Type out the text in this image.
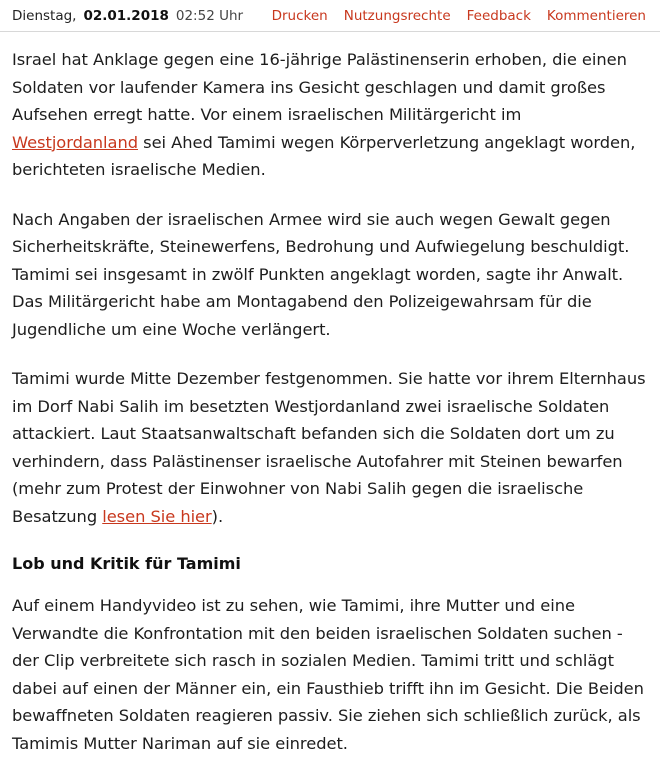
Dienstag, 02.01.2018 02:52 Uhr Drucken Nutzungsrechte Feedback Kommentieren

Israel hat Anklage gegen eine 16-jährige Palästinenserin erhoben, die einen Soldaten vor laufender Kamera ins Gesicht geschlagen und damit großes Aufsehen erregt hatte. Vor einem israelischen Militärgericht im Westjordanland sei Ahed Tamimi wegen Körperverletzung angeklagt worden, berichteten israelische Medien.

Nach Angaben der israelischen Armee wird sie auch wegen Gewalt gegen Sicherheitskräfte, Steinewerfens, Bedrohung und Aufwiegelung beschuldigt. Tamimi sei insgesamt in zwölf Punkten angeklagt worden, sagte ihr Anwalt. Das Militärgericht habe am Montagabend den Polizeigewahrsam für die Jugendliche um eine Woche verlängert.

Tamimi wurde Mitte Dezember festgenommen. Sie hatte vor ihrem Elternhaus im Dorf Nabi Salih im besetzten Westjordanland zwei israelische Soldaten attackiert. Laut Staatsanwaltschaft befanden sich die Soldaten dort um zu verhindern, dass Palästinenser israelische Autofahrer mit Steinen bewarfen (mehr zum Protest der Einwohner von Nabi Salih gegen die israelische Besatzung lesen Sie hier).

Lob und Kritik für Tamimi

Auf einem Handyvideo ist zu sehen, wie Tamimi, ihre Mutter und eine Verwandte die Konfrontation mit den beiden israelischen Soldaten suchen - der Clip verbreitete sich rasch in sozialen Medien. Tamimi tritt und schlägt dabei auf einen der Männer ein, ein Fausthieb trifft ihn im Gesicht. Die Beiden bewaffneten Soldaten reagieren passiv. Sie ziehen sich schließlich zurück, als Tamimis Mutter Nariman auf sie einredet.
